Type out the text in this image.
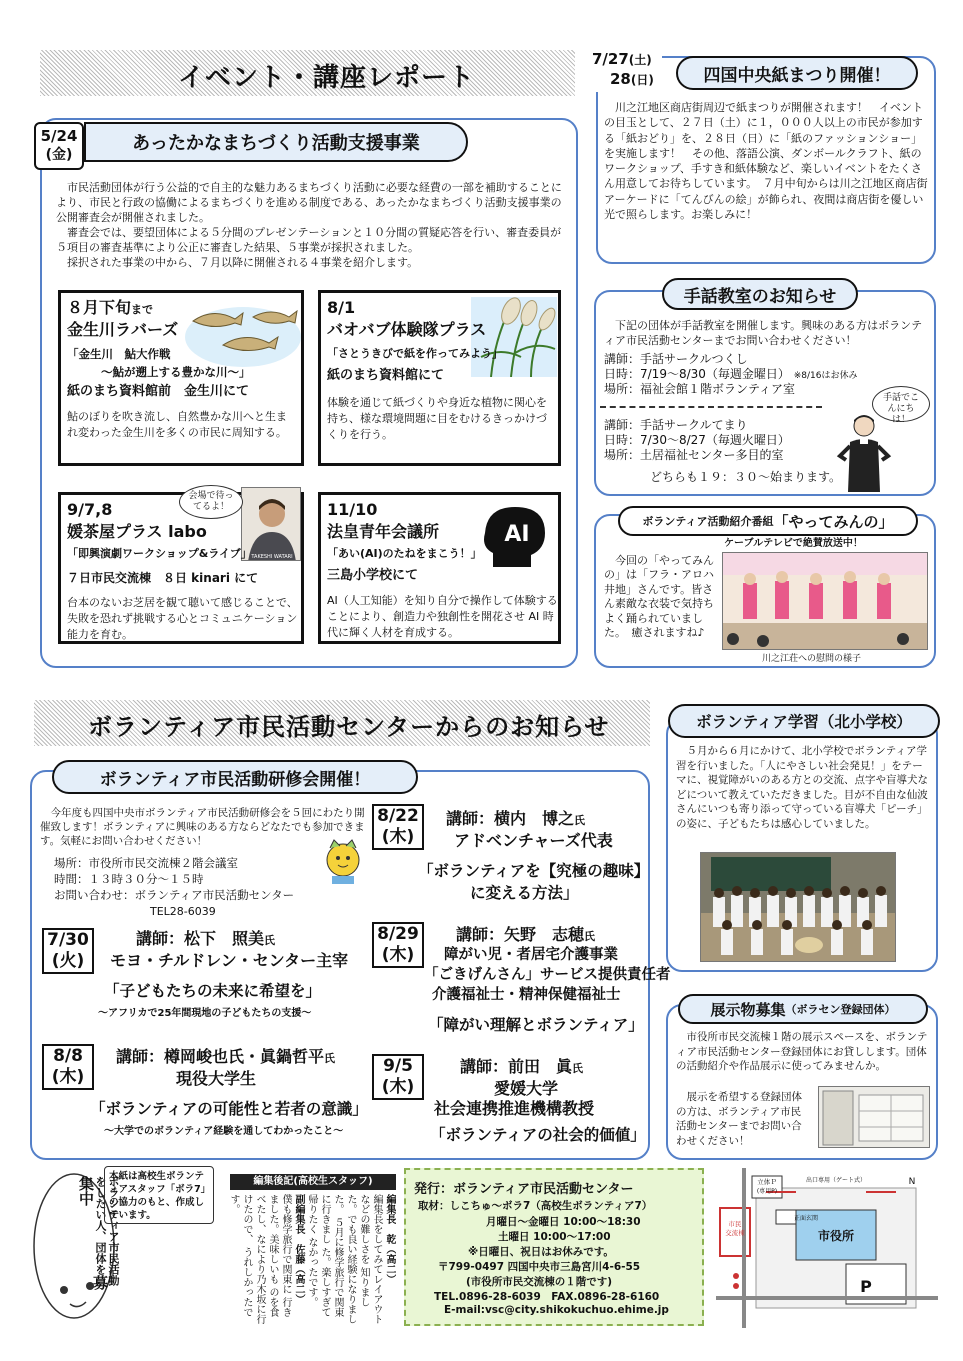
イベント・講座レポート
5/24
(金)
あったかなまちづくり活動支援事業
市民活動団体が行う公益的で自主的な魅力あるまちづくり活動に必要な経費の一部を補助することにより、市民と行政の協働によるまちづくりを進める制度である、あったかなまちづくり活動支援事業の公開審査会が開催されました。
審査会では、要望団体による５分間のプレゼンテーションと１０分間の質疑応答を行い、審査委員が５項目の審査基準により公正に審査した結果、５事業が採択されました。
採択された事業の中から、７月以降に開催される４事業を紹介します。
８月下旬まで
金生川ラバーズ
「金生川　鮎大作戦
～鮎が遡上する豊かな川～」
紙のまち資料館前　金生川にて
鮎のぼりを吹き流し、自然豊かな川へと生まれ変わった金生川を多くの市民に周知する。
8/1
バオバブ体験隊プラス
「さとうきびで紙を作ってみよう」
紙のまち資料館にて
体験を通じて紙づくりや身近な植物に関心を持ち、様な環境問題に目をむけるきっかけづくりを行う。
TAKESHI WATARI
会場で待ってるよ！
9/7,8
媛茶屋プラス labo
「即興演劇ワークショップ&ライブ」
７日市民交流棟　８日 kinari にて
台本のないお芝居を観て聴いて感じることで、失敗を恐れず挑戦する心とコミュニケーション能力を育む。
AI
11/10
法皇青年会議所
「あい(AI)のたねをまこう！」
三島小学校にて
AI（人工知能）を知り自分で操作して体験することにより、創造力や独創性を開花させ AI 時代に輝く人材を育成する。
7/27(土)
28(日)	四国中央紙まつり開催！
川之江地区商店街周辺で紙まつりが開催されます！　イベントの目玉として、２７日（土）に１，０００人以上の市民が参加する「紙おどり」を、２８日（日）に「紙のファッションショー」を実施します！　その他、落語公演、ダンボールクラフト、紙のワークショップ、手すき和紙体験など、楽しいイベントをたくさん用意してお待ちしています。　７月中旬からは川之江地区商店街アーケードに「てんびんの絵」が飾られ、夜間は商店街を優しい光で照らします。お楽しみに！
手話教室のお知らせ
下記の団体が手話教室を開催します。興味のある方はボランティア市民活動センターまでお問い合わせください！
講師：手話サークルつくし
日時：7/19～8/30（毎週金曜日） ※8/16はお休み
場所：福祉会館１階ボランティア室
講師：手話サークルてまり
日時：7/30～8/27（毎週火曜日）
場所：土居福祉センター多目的室
どちらも１９：３０～始まります。
手話でこんにちは！
ボランティア活動紹介番組 「やってみんの」
ケーブルテレビで絶賛放送中！
今回の「やってみんの」は「フラ・アロハ井地」さんです。皆さん素敵な衣装で気持ちよく踊られていました。　癒されますね♪
川之江荘への慰問の様子
ボランティア市民活動センターからのお知らせ
ボランティア市民活動研修会開催！
今年度も四国中央市ボランティア市民活動研修会を５回にわたり開催致します！ボランティアに興味のある方ならどなたでも参加できます。気軽にお問い合わせください！
場所：市役所市民交流棟２階会議室
時間：１３時３０分～１５時
お問い合わせ：ボランティア市民活動センター
TEL28-6039
7/30
(火)
講師：松下　照美氏
モヨ・チルドレン・センター主宰
「子どもたちの未来に希望を」
～アフリカで25年間現地の子どもたちの支援～
8/8
(木)
講師：樽岡峻也氏・眞鍋哲平氏
現役大学生
「ボランティアの可能性と若者の意識」
～大学でのボランティア経験を通してわかったこと～
8/22
(木)
講師：横内　博之氏
アドベンチャーズ代表
「ボランティアを【究極の趣味】
に変える方法」
8/29
(木)
講師：矢野　志穂氏
障がい児・者居宅介護事業
「ごきげんさん」サービス提供責任者
介護福祉士・精神保健福祉士
「障がい理解とボランティア」
9/5
(木)
講師：前田　眞氏
愛媛大学
社会連携推進機構教授
「ボランティアの社会的価値」
ボランティア学習（北小学校）
５月から６月にかけて、北小学校でボランティア学習を行いました。「人にやさしい社会発見！」をテーマに、視覚障がいのある方との交流、点字や盲導犬などについて教えていただきました。目が不自由な仙波さんにいつも寄り添って守っている盲導犬「ピーチ」の姿に、子どもたちは感心していました。
展示物募集 （ボラセン登録団体）
市役所市民交流棟１階の展示スペースを、ボランティア市民活動センター登録団体にお貸しします。団体の活動紹介や作品展示に使ってみませんか。
展示を希望する登録団体の方は、ボランティア市民活動センターまでお問い合わせください！
ボランティア市民活動をしたい人、団体を募集中	本紙は高校生ボランティアスタッフ「ボラ7」の協力のもと、作成しています。
編集後記(高校生スタッフ)
編集長　乾（高二）
編集長をしてみてレイアウトなどの難しさを 知りました。でも良い経験になりました。 ５月に修学旅行で関東に行きまし た。楽しすぎて帰りたく なかったです。
副編集長　佐藤（高二）
僕も修学旅行で関東に 行きました。美味しいも のを食べたし、なにより乃木坂に行けたので、 うれしかったです。
発行：ボランティア市民活動センター
取材：しこちゅ～ボラ7（高校生ボランティア7）
月曜日～金曜日 10:00～18:30
土曜日 10:00～17:00
※日曜日、祝日はお休みです。
〒799-0497 四国中央市三島宮川4-6-55
(市役所市民交流棟の１階です)
TEL.0896-28-6039　FAX.0896-28-6160
E-mail:vsc@city.shikokuchuo.ehime.jp
立体Ｐ
(専用P)
出口専用（ゲート式）
市役所
市民
交流棟
正面玄関
P
N
